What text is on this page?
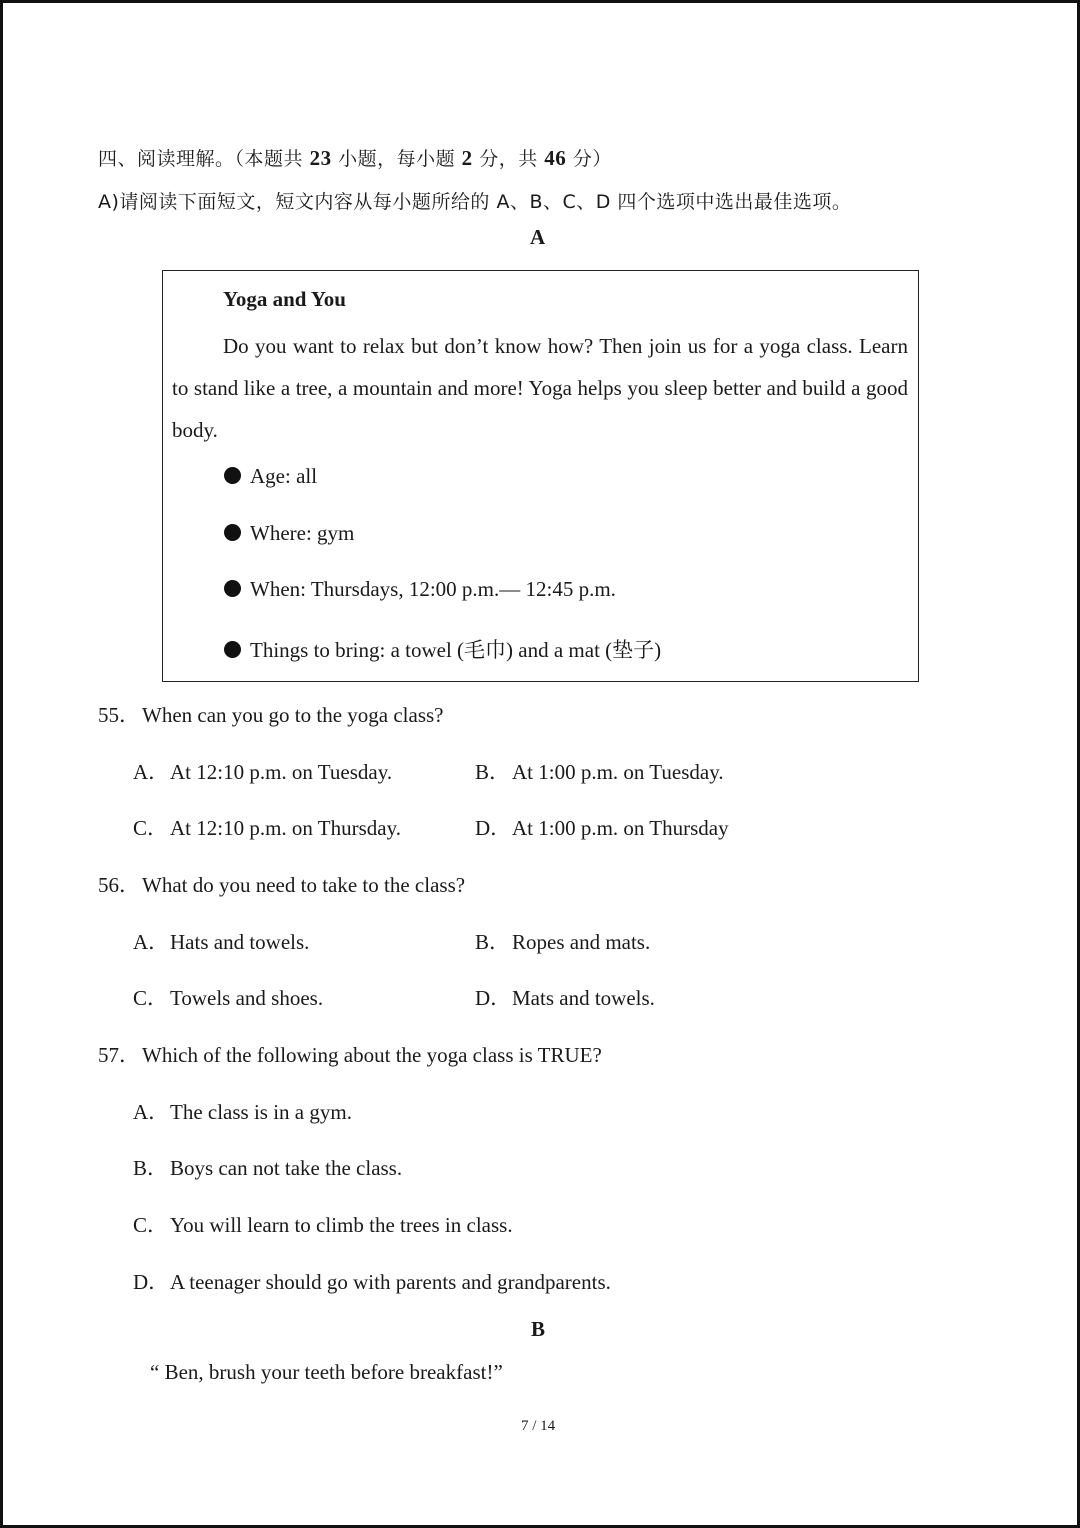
四、阅读理解。（本题共 23 小题，每小题 2 分，共 46 分）
A)请阅读下面短文，短文内容从每小题所给的 A、B、C、D 四个选项中选出最佳选项。
A
Yoga and You
Do you want to relax but don’t know how? Then join us for a yoga class. Learn to stand like a tree, a mountain and more! Yoga helps you sleep better and build a good body.
Age: all
Where: gym
When: Thursdays, 12:00 p.m.— 12:45 p.m.
Things to bring: a towel (毛巾) and a mat (垫子)
55．When can you go to the yoga class?
A．At 12:10 p.m. on Tuesday.	B．At 1:00 p.m. on Tuesday.
C．At 12:10 p.m. on Thursday.	D．At 1:00 p.m. on Thursday
56．What do you need to take to the class?
A．Hats and towels.	B．Ropes and mats.
C．Towels and shoes.	D．Mats and towels.
57．Which of the following about the yoga class is TRUE?
A．The class is in a gym.
B．Boys can not take the class.
C．You will learn to climb the trees in class.
D．A teenager should go with parents and grandparents.
B
“ Ben, brush your teeth before breakfast!”
7 / 14
